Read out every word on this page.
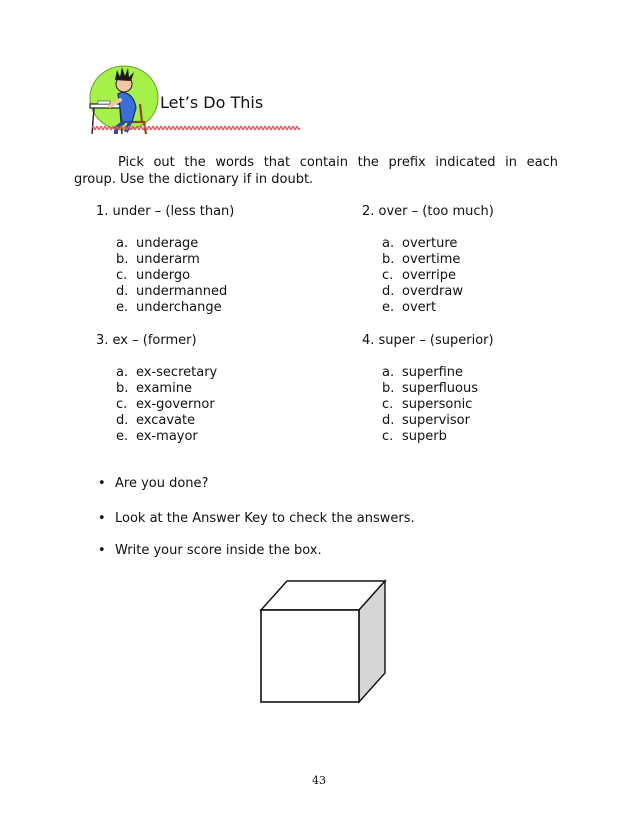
Let’s Do This
Pick out the words that contain the prefix indicated in each
group. Use the dictionary if in doubt.

1. under – (less than)

a. underage
b. underarm
c. undergo
d. undermanned
e. underchange

2. over – (too much)

a. overture
b. overtime
c. overripe
d. overdraw
e. overt

3. ex – (former)

a. ex-secretary
b. examine
c. ex-governor
d. excavate
e. ex-mayor

4. super – (superior)

a. superfine
b. superfluous
c. supersonic
d. supervisor
c. superb
• Are you done?
• Look at the Answer Key to check the answers.
• Write your score inside the box.
43
